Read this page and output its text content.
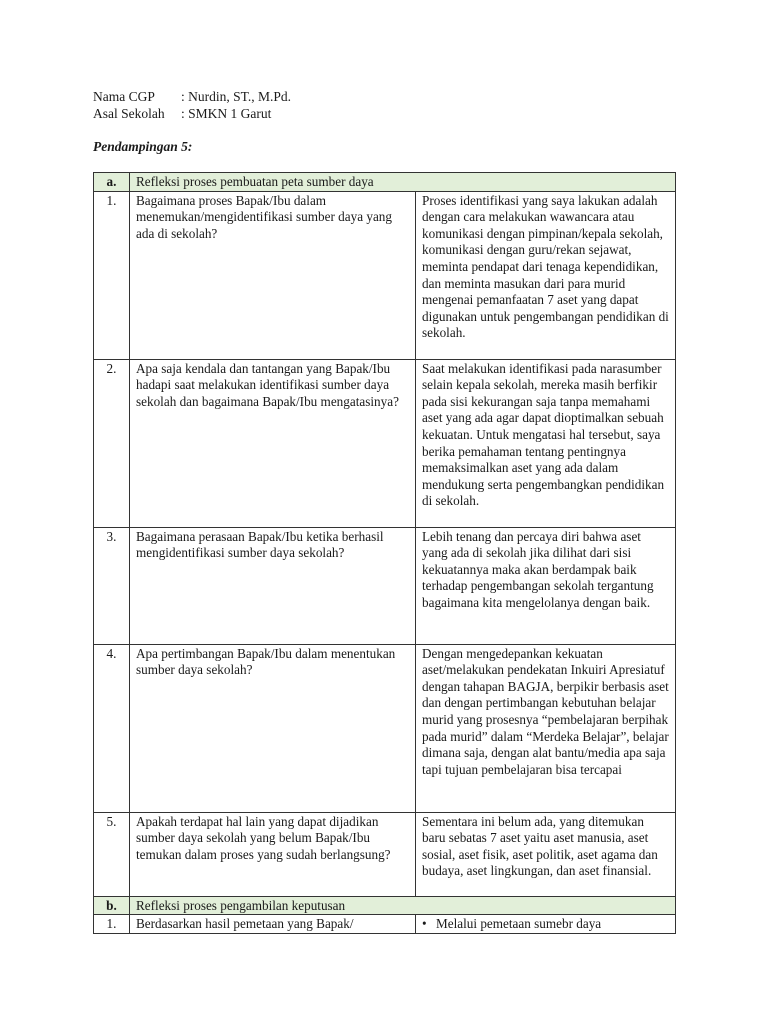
Nama CGP	: Nurdin, ST., M.Pd.
Asal Sekolah	: SMKN 1 Garut
Pendampingan 5:
a.	Refleksi proses pembuatan peta sumber daya	
1.	Bagaimana proses Bapak/Ibu dalam menemukan/mengidentifikasi sumber daya yang ada di sekolah?	Proses identifikasi yang saya lakukan adalah dengan cara melakukan wawancara atau komunikasi dengan pimpinan/kepala sekolah, komunikasi dengan guru/rekan sejawat, meminta pendapat dari tenaga kependidikan, dan meminta masukan dari para murid mengenai pemanfaatan 7 aset yang dapat digunakan untuk pengembangan pendidikan di sekolah.
2.	Apa saja kendala dan tantangan yang Bapak/Ibu hadapi saat melakukan identifikasi sumber daya sekolah dan bagaimana Bapak/Ibu mengatasinya?	Saat melakukan identifikasi pada narasumber selain kepala sekolah, mereka masih berfikir pada sisi kekurangan saja tanpa memahami aset yang ada agar dapat dioptimalkan sebuah kekuatan. Untuk mengatasi hal tersebut, saya berika pemahaman tentang pentingnya memaksimalkan aset yang ada dalam mendukung serta pengembangkan pendidikan di sekolah.
3.	Bagaimana perasaan Bapak/Ibu ketika berhasil mengidentifikasi sumber daya sekolah?	Lebih tenang dan percaya diri bahwa aset yang ada di sekolah jika dilihat dari sisi kekuatannya maka akan berdampak baik terhadap pengembangan sekolah tergantung bagaimana kita mengelolanya dengan baik.
4.	Apa pertimbangan Bapak/Ibu dalam menentukan sumber daya sekolah?	Dengan mengedepankan kekuatan aset/melakukan pendekatan Inkuiri Apresiatuf dengan tahapan BAGJA, berpikir berbasis aset dan dengan pertimbangan kebutuhan belajar murid yang prosesnya “pembelajaran berpihak pada murid” dalam “Merdeka Belajar”, belajar dimana saja, dengan alat bantu/media apa saja tapi tujuan pembelajaran bisa tercapai
5.	Apakah terdapat hal lain yang dapat dijadikan sumber daya sekolah yang belum Bapak/Ibu temukan dalam proses yang sudah berlangsung?	Sementara ini belum ada, yang ditemukan baru sebatas 7 aset yaitu aset manusia, aset sosial, aset fisik, aset politik, aset agama dan budaya, aset lingkungan, dan aset finansial.
b.	Refleksi proses pengambilan keputusan	
1.	Berdasarkan hasil pemetaan yang Bapak/	• Melalui pemetaan sumebr daya
